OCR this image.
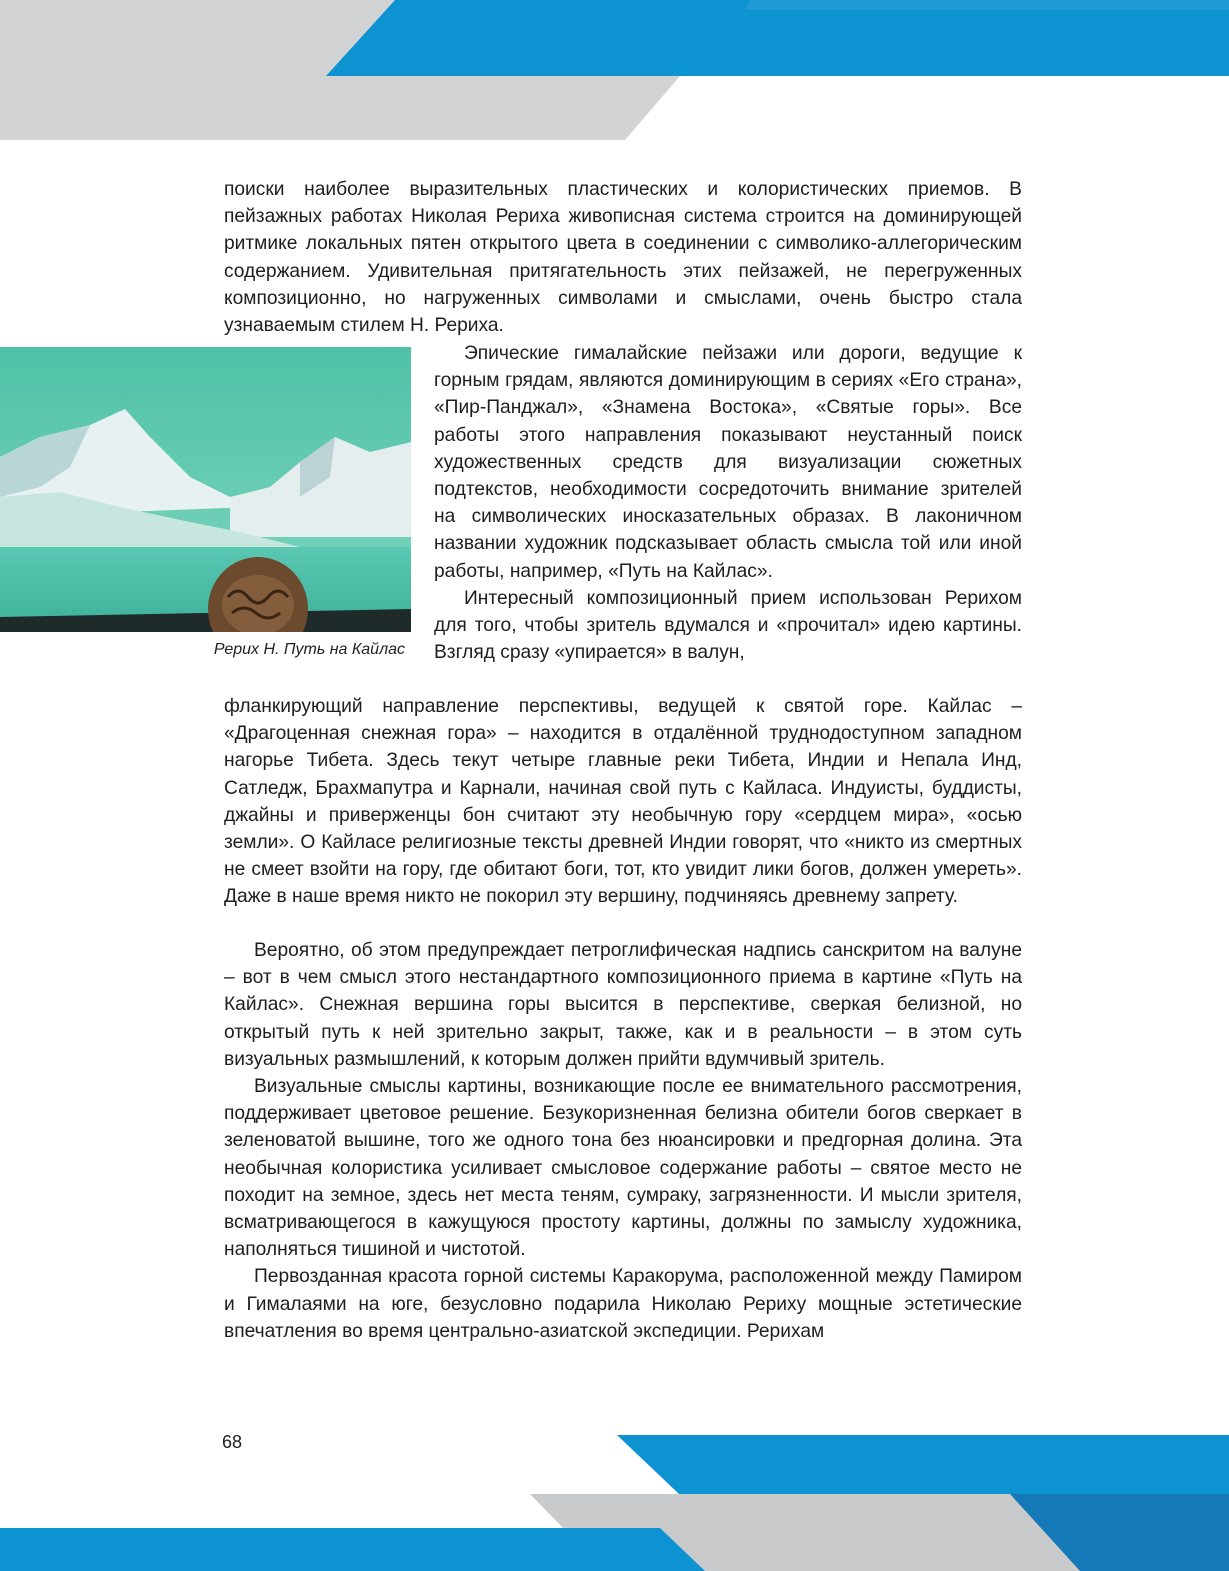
Рерих Н. Путь на Кайлас

поиски наиболее выразительных пластических и колористических приемов. В пейзажных работах Николая Рериха живописная система строится на доминирующей ритмике локальных пятен открытого цвета в соединении с символико-аллегорическим содержанием. Удивительная притягательность этих пейзажей, не перегруженных композиционно, но нагруженных символами и смыслами, очень быстро стала узнаваемым стилем Н. Рериха.

Эпические гималайские пейзажи или дороги, ведущие к горным грядам, являются доминирующим в сериях «Его страна», «Пир-Панджал», «Знамена Востока», «Святые горы». Все работы этого направления показывают неустанный поиск художественных средств для визуализации сюжетных подтекстов, необходимости сосредоточить внимание зрителей на символических иносказательных образах. В лаконичном названии художник подсказывает область смысла той или иной работы, например, «Путь на Кайлас».

Интересный композиционный прием использован Рерихом для того, чтобы зритель вдумался и «прочитал» идею картины. Взгляд сразу «упирается» в валун,

фланкирующий направление перспективы, ведущей к святой горе. Кайлас – «Драгоценная снежная гора» – находится в отдалённой труднодоступном западном нагорье Тибета. Здесь текут четыре главные реки Тибета, Индии и Непала Инд, Сатледж, Брахмапутра и Карнали, начиная свой путь с Кайласа. Индуисты, буддисты, джайны и приверженцы бон считают эту необычную гору «сердцем мира», «осью земли». О Кайласе религиозные тексты древней Индии говорят, что «никто из смертных не смеет взойти на гору, где обитают боги, тот, кто увидит лики богов, должен умереть». Даже в наше время никто не покорил эту вершину, подчиняясь древнему запрету.

Вероятно, об этом предупреждает петроглифическая надпись санскритом на валуне – вот в чем смысл этого нестандартного композиционного приема в картине «Путь на Кайлас». Снежная вершина горы высится в перспективе, сверкая белизной, но открытый путь к ней зрительно закрыт, также, как и в реальности – в этом суть визуальных размышлений, к которым должен прийти вдумчивый зритель.

Визуальные смыслы картины, возникающие после ее внимательного рассмотрения, поддерживает цветовое решение. Безукоризненная белизна обители богов сверкает в зеленоватой вышине, того же одного тона без нюансировки и предгорная долина. Эта необычная колористика усиливает смысловое содержание работы – святое место не походит на земное, здесь нет места теням, сумраку, загрязненности. И мысли зрителя, всматривающегося в кажущуюся простоту картины, должны по замыслу художника, наполняться тишиной и чистотой.

Первозданная красота горной системы Каракорума, расположенной между Памиром и Гималаями на юге, безусловно подарила Николаю Рериху мощные эстетические впечатления во время центрально-азиатской экспедиции. Рерихам

68
